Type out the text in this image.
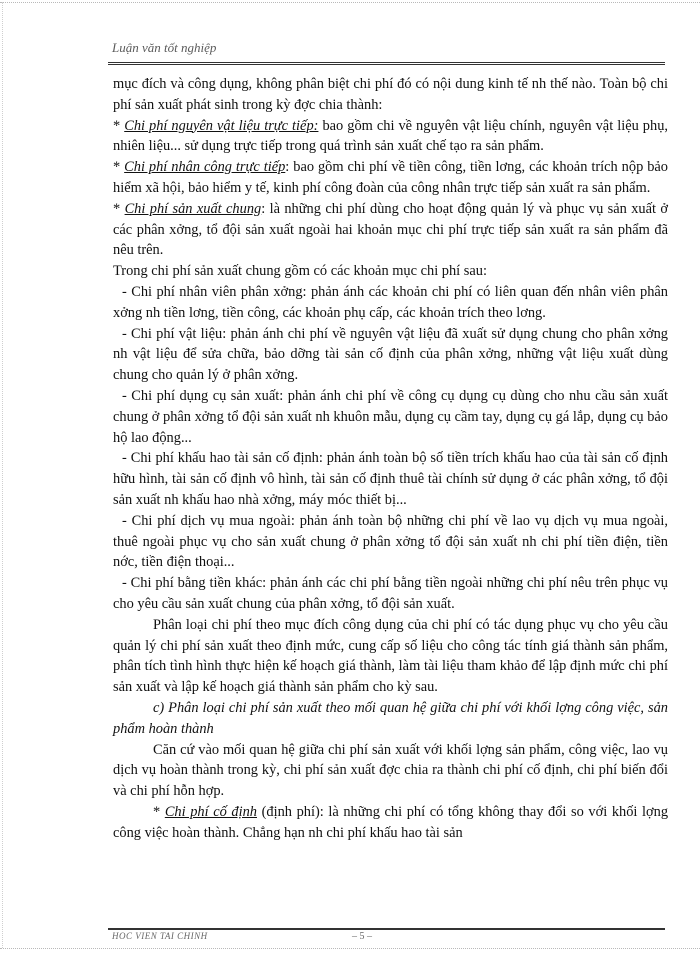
Luận văn tốt nghiệp

mục đích và công dụng, không phân biệt chi phí đó có nội dung kinh tế nh thế nào. Toàn bộ chi phí sản xuất phát sinh trong kỳ đợc chia thành:

* Chi phí nguyên vật liệu trực tiếp: bao gồm chi về nguyên vật liệu chính, nguyên vật liệu phụ, nhiên liệu... sử dụng trực tiếp trong quá trình sản xuất chế tạo ra sản phẩm.

* Chi phí nhân công trực tiếp: bao gồm chi phí về tiền công, tiền lơng, các khoản trích nộp bảo hiểm xã hội, bảo hiểm y tế, kinh phí công đoàn của công nhân trực tiếp sản xuất ra sản phẩm.

* Chi phí sản xuất chung: là những chi phí dùng cho hoạt động quản lý và phục vụ sản xuất ở các phân xởng, tổ đội sản xuất ngoài hai khoản mục chi phí trực tiếp sản xuất ra sản phẩm đã nêu trên.

Trong chi phí sản xuất chung gồm có các khoản mục chi phí sau:

- Chi phí nhân viên phân xởng: phản ánh các khoản chi phí có liên quan đến nhân viên phân xởng nh tiền lơng, tiền công, các khoản phụ cấp, các khoản trích theo lơng.

- Chi phí vật liệu: phản ánh chi phí về nguyên vật liệu đã xuất sử dụng chung cho phân xởng nh vật liệu để sửa chữa, bảo dỡng tài sản cố định của phân xởng, những vật liệu xuất dùng chung cho quản lý ở phân xởng.

- Chi phí dụng cụ sản xuất: phản ánh chi phí về công cụ dụng cụ dùng cho nhu cầu sản xuất chung ở phân xởng tổ đội sản xuất nh khuôn mẫu, dụng cụ cầm tay, dụng cụ gá lắp, dụng cụ bảo hộ lao động...

- Chi phí khấu hao tài sản cố định: phản ánh toàn bộ số tiền trích khấu hao của tài sản cố định hữu hình, tài sản cố định vô hình, tài sản cố định thuê tài chính sử dụng ở các phân xởng, tổ đội sản xuất nh khấu hao nhà xởng, máy móc thiết bị...

- Chi phí dịch vụ mua ngoài: phản ánh toàn bộ những chi phí về lao vụ dịch vụ mua ngoài, thuê ngoài phục vụ cho sản xuất chung ở phân xởng tổ đội sản xuất nh chi phí tiền điện, tiền nớc, tiền điện thoại...

- Chi phí bằng tiền khác: phản ánh các chi phí bằng tiền ngoài những chi phí nêu trên phục vụ cho yêu cầu sản xuất chung của phân xởng, tổ đội sản xuất.

Phân loại chi phí theo mục đích công dụng của chi phí có tác dụng phục vụ cho yêu cầu quản lý chi phí sản xuất theo định mức, cung cấp số liệu cho công tác tính giá thành sản phẩm, phân tích tình hình thực hiện kế hoạch giá thành, làm tài liệu tham khảo để lập định mức chi phí sản xuất và lập kế hoạch giá thành sản phẩm cho kỳ sau.

c) Phân loại chi phí sản xuất theo mối quan hệ giữa chi phí với khối lợng công việc, sản phẩm hoàn thành

Căn cứ vào mối quan hệ giữa chi phí sản xuất với khối lợng sản phẩm, công việc, lao vụ dịch vụ hoàn thành trong kỳ, chi phí sản xuất đợc chia ra thành chi phí cố định, chi phí biến đổi và chi phí hỗn hợp.

* Chi phí cố định (định phí): là những chi phí có tổng không thay đổi so với khối lợng công việc hoàn thành. Chẳng hạn nh chi phí khấu hao tài sản

HOC VIEN TAI CHINH	– 5 –
